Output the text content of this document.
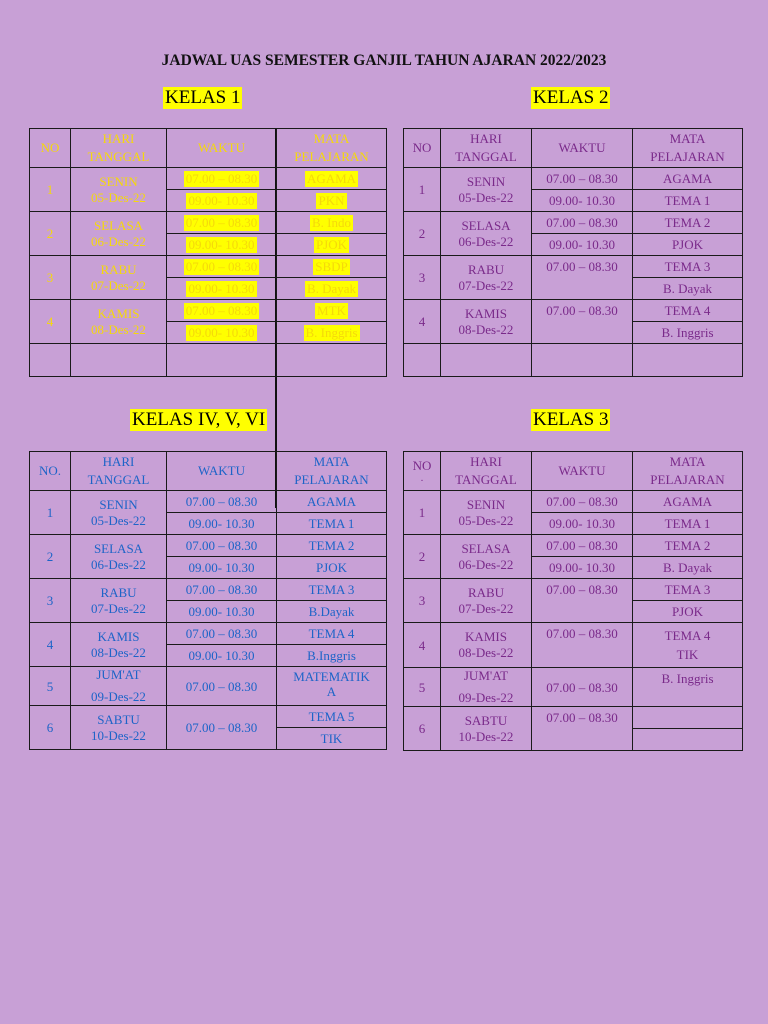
JADWAL UAS SEMESTER GANJIL TAHUN AJARAN 2022/2023
KELAS 1
NO	HARI
TANGGAL	WAKTU	MATA
PELAJARAN
1	SENIN
05-Des-22	07.00 – 08.30	AGAMA
		09.00- 10.30	PKN
2	SELASA
06-Des-22	07.00 – 08.30	B. Indo
		09.00- 10.30	PJOK
3	RABU
07-Des-22	07.00 – 08.30	SBDP
		09.00- 10.30	B. Dayak
4	KAMIS
08-Des-22	07.00 – 08.30	MTK
		09.00- 10.30	B. Inggris

KELAS 2
NO	HARI
TANGGAL	WAKTU	MATA
PELAJARAN
1	SENIN
05-Des-22	07.00 – 08.30	AGAMA
		09.00- 10.30	TEMA 1
2	SELASA
06-Des-22	07.00 – 08.30	TEMA 2
		09.00- 10.30	PJOK
3	RABU
07-Des-22	07.00 – 08.30	TEMA 3
			B. Dayak
4	KAMIS
08-Des-22	07.00 – 08.30	TEMA 4
			B. Inggris

KELAS IV, V, VI
NO.	HARI
TANGGAL	WAKTU	MATA
PELAJARAN
1	SENIN
05-Des-22	07.00 – 08.30	AGAMA
		09.00- 10.30	TEMA 1
2	SELASA
06-Des-22	07.00 – 08.30	TEMA 2
		09.00- 10.30	PJOK
3	RABU
07-Des-22	07.00 – 08.30	TEMA 3
		09.00- 10.30	B.Dayak
4	KAMIS
08-Des-22	07.00 – 08.30	TEMA 4
		09.00- 10.30	B.Inggris
5	JUM'AT
09-Des-22	07.00 – 08.30	MATEMATIK
A

6	SABTU
10-Des-22	07.00 – 08.30	TEMA 5
			TIK
KELAS 3
NO
.	HARI
TANGGAL	WAKTU	MATA
PELAJARAN
1	SENIN
05-Des-22	07.00 – 08.30	AGAMA
		09.00- 10.30	TEMA 1
2	SELASA
06-Des-22	07.00 – 08.30	TEMA 2
		09.00- 10.30	B. Dayak
3	RABU
07-Des-22	07.00 – 08.30	TEMA 3
			PJOK
4	KAMIS
08-Des-22	07.00 – 08.30	TEMA 4
			TIK
5	JUM'AT
09-Des-22	07.00 – 08.30	B. Inggris

6	SABTU
10-Des-22	07.00 – 08.30	
